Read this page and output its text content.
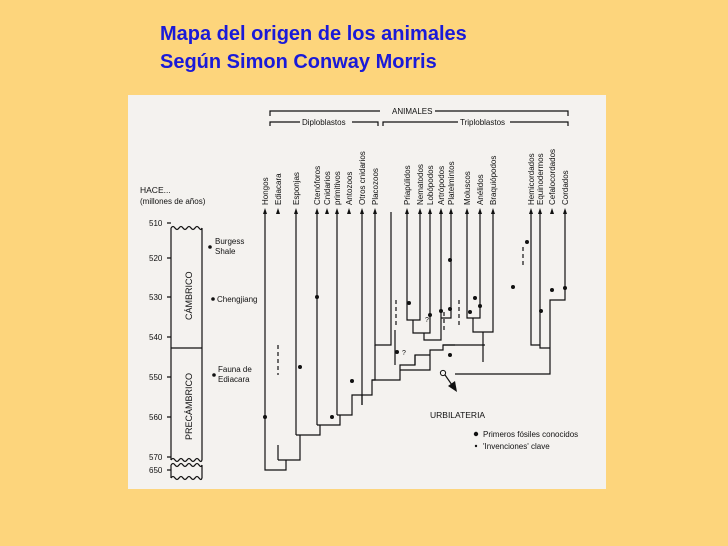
Mapa del origen de los animales
Según Simon Conway Morris
ANIMALES
Diploblastos	Triploblastos
HACE...
(millones de años)
510
520
530
540
550
560
570
650
CÁMBRICO
PRECÁMBRICO
Burgess
Shale
Chengjiang
Fauna de
Ediacara
Hongos Ediacara Esponjas Ctenóforos Cnidarios primitivos Antozoos Otros cnidarios Placozoos	Priapúlidos Nematodos Lobópodos Artrópodos Platelmintos Moluscos Anélidos Braquiópodos	Hemicordados Equinodermos Cefalocordados Cordados
?
?
URBILATERIA
Primeros fósiles conocidos
'Invenciones' clave
